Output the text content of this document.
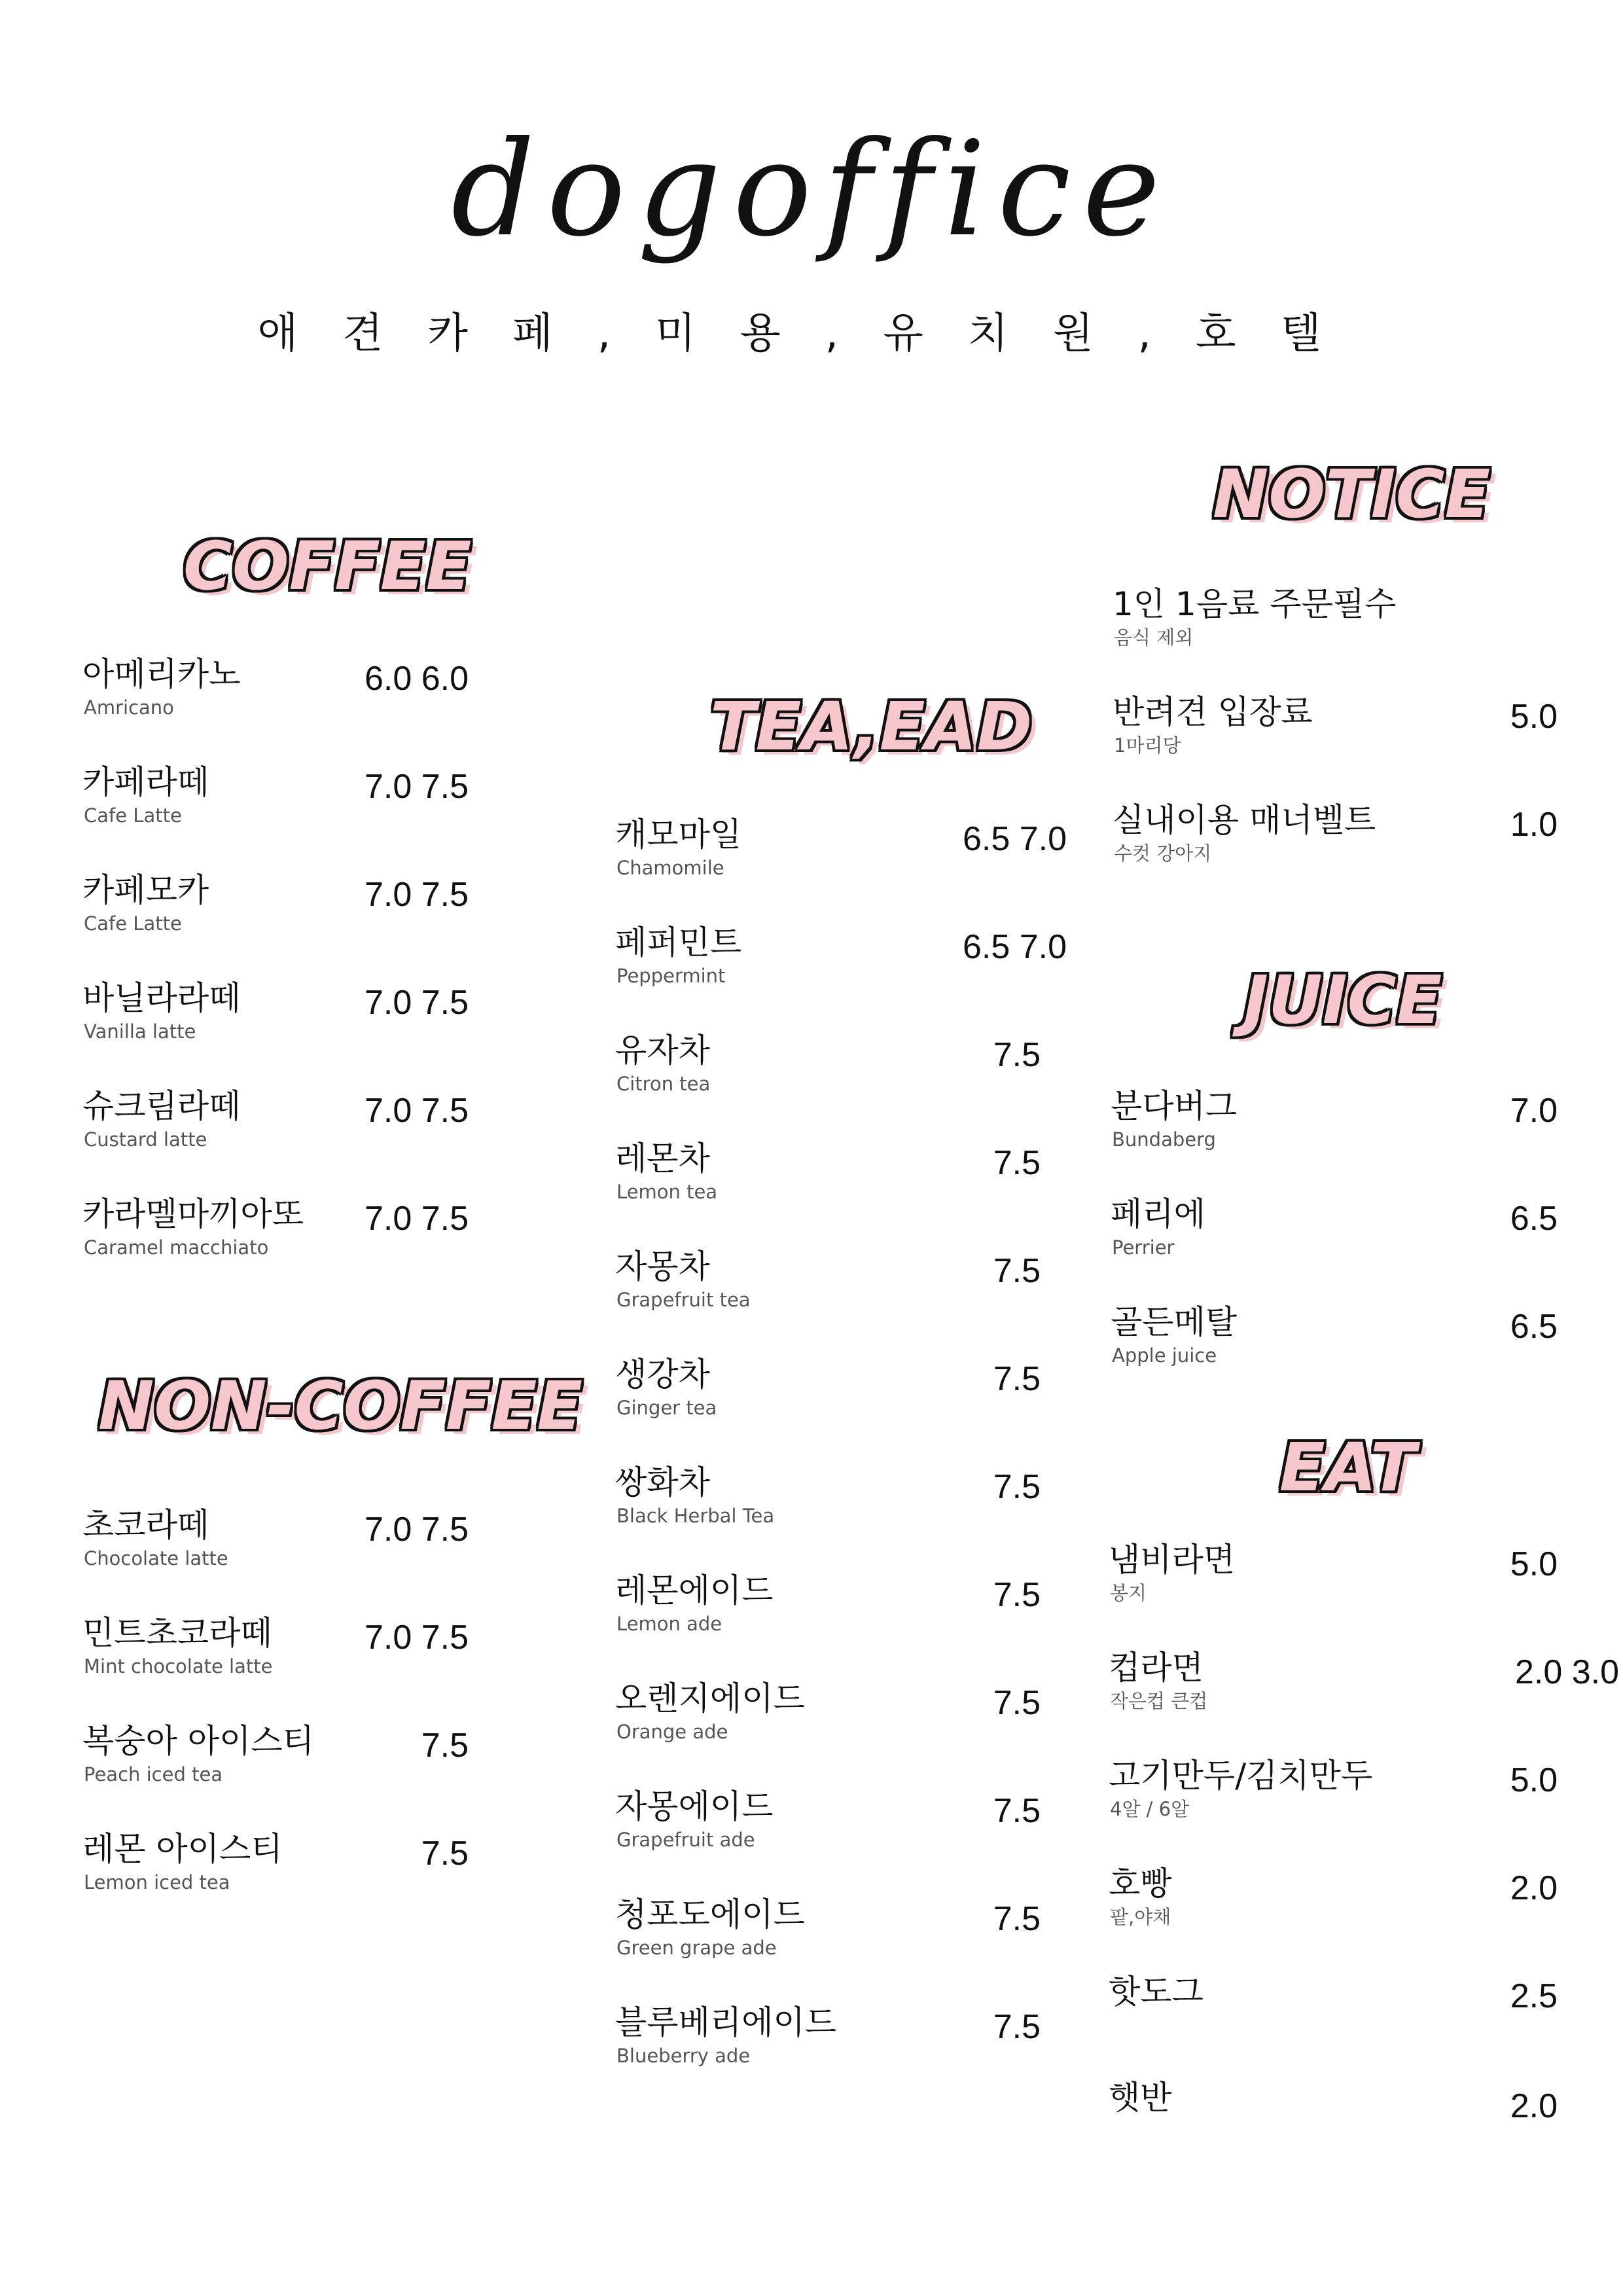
dogoffice
애견카페,미용,유치원,호텔
COFFEE
아메리카노
Amricano
6.0 6.0
카페라떼
Cafe Latte
7.0 7.5
카페모카
Cafe Latte
7.0 7.5
바닐라라떼
Vanilla latte
7.0 7.5
슈크림라떼
Custard latte
7.0 7.5
카라멜마끼아또
Caramel macchiato
7.0 7.5
NON-COFFEE
초코라떼
Chocolate latte
7.0 7.5
민트초코라떼
Mint chocolate latte
7.0 7.5
복숭아 아이스티
Peach iced tea
7.5
레몬 아이스티
Lemon iced tea
7.5
TEA,EAD
캐모마일
Chamomile
6.5 7.0
페퍼민트
Peppermint
6.5 7.0
유자차
Citron tea
7.5
레몬차
Lemon tea
7.5
자몽차
Grapefruit tea
7.5
생강차
Ginger tea
7.5
쌍화차
Black Herbal Tea
7.5
레몬에이드
Lemon ade
7.5
오렌지에이드
Orange ade
7.5
자몽에이드
Grapefruit ade
7.5
청포도에이드
Green grape ade
7.5
블루베리에이드
Blueberry ade
7.5
NOTICE
1인 1음료 주문필수
음식 제외
반려견 입장료
1마리당
5.0
실내이용 매너벨트
수컷 강아지
1.0
JUICE
분다버그
Bundaberg
7.0
페리에
Perrier
6.5
골든메탈
Apple juice
6.5
EAT
냄비라면
봉지
5.0
컵라면
작은컵 큰컵
2.0 3.0
고기만두/김치만두
4알 / 6알
5.0
호빵
팥,야채
2.0
핫도그	2.5
햇반	2.0
